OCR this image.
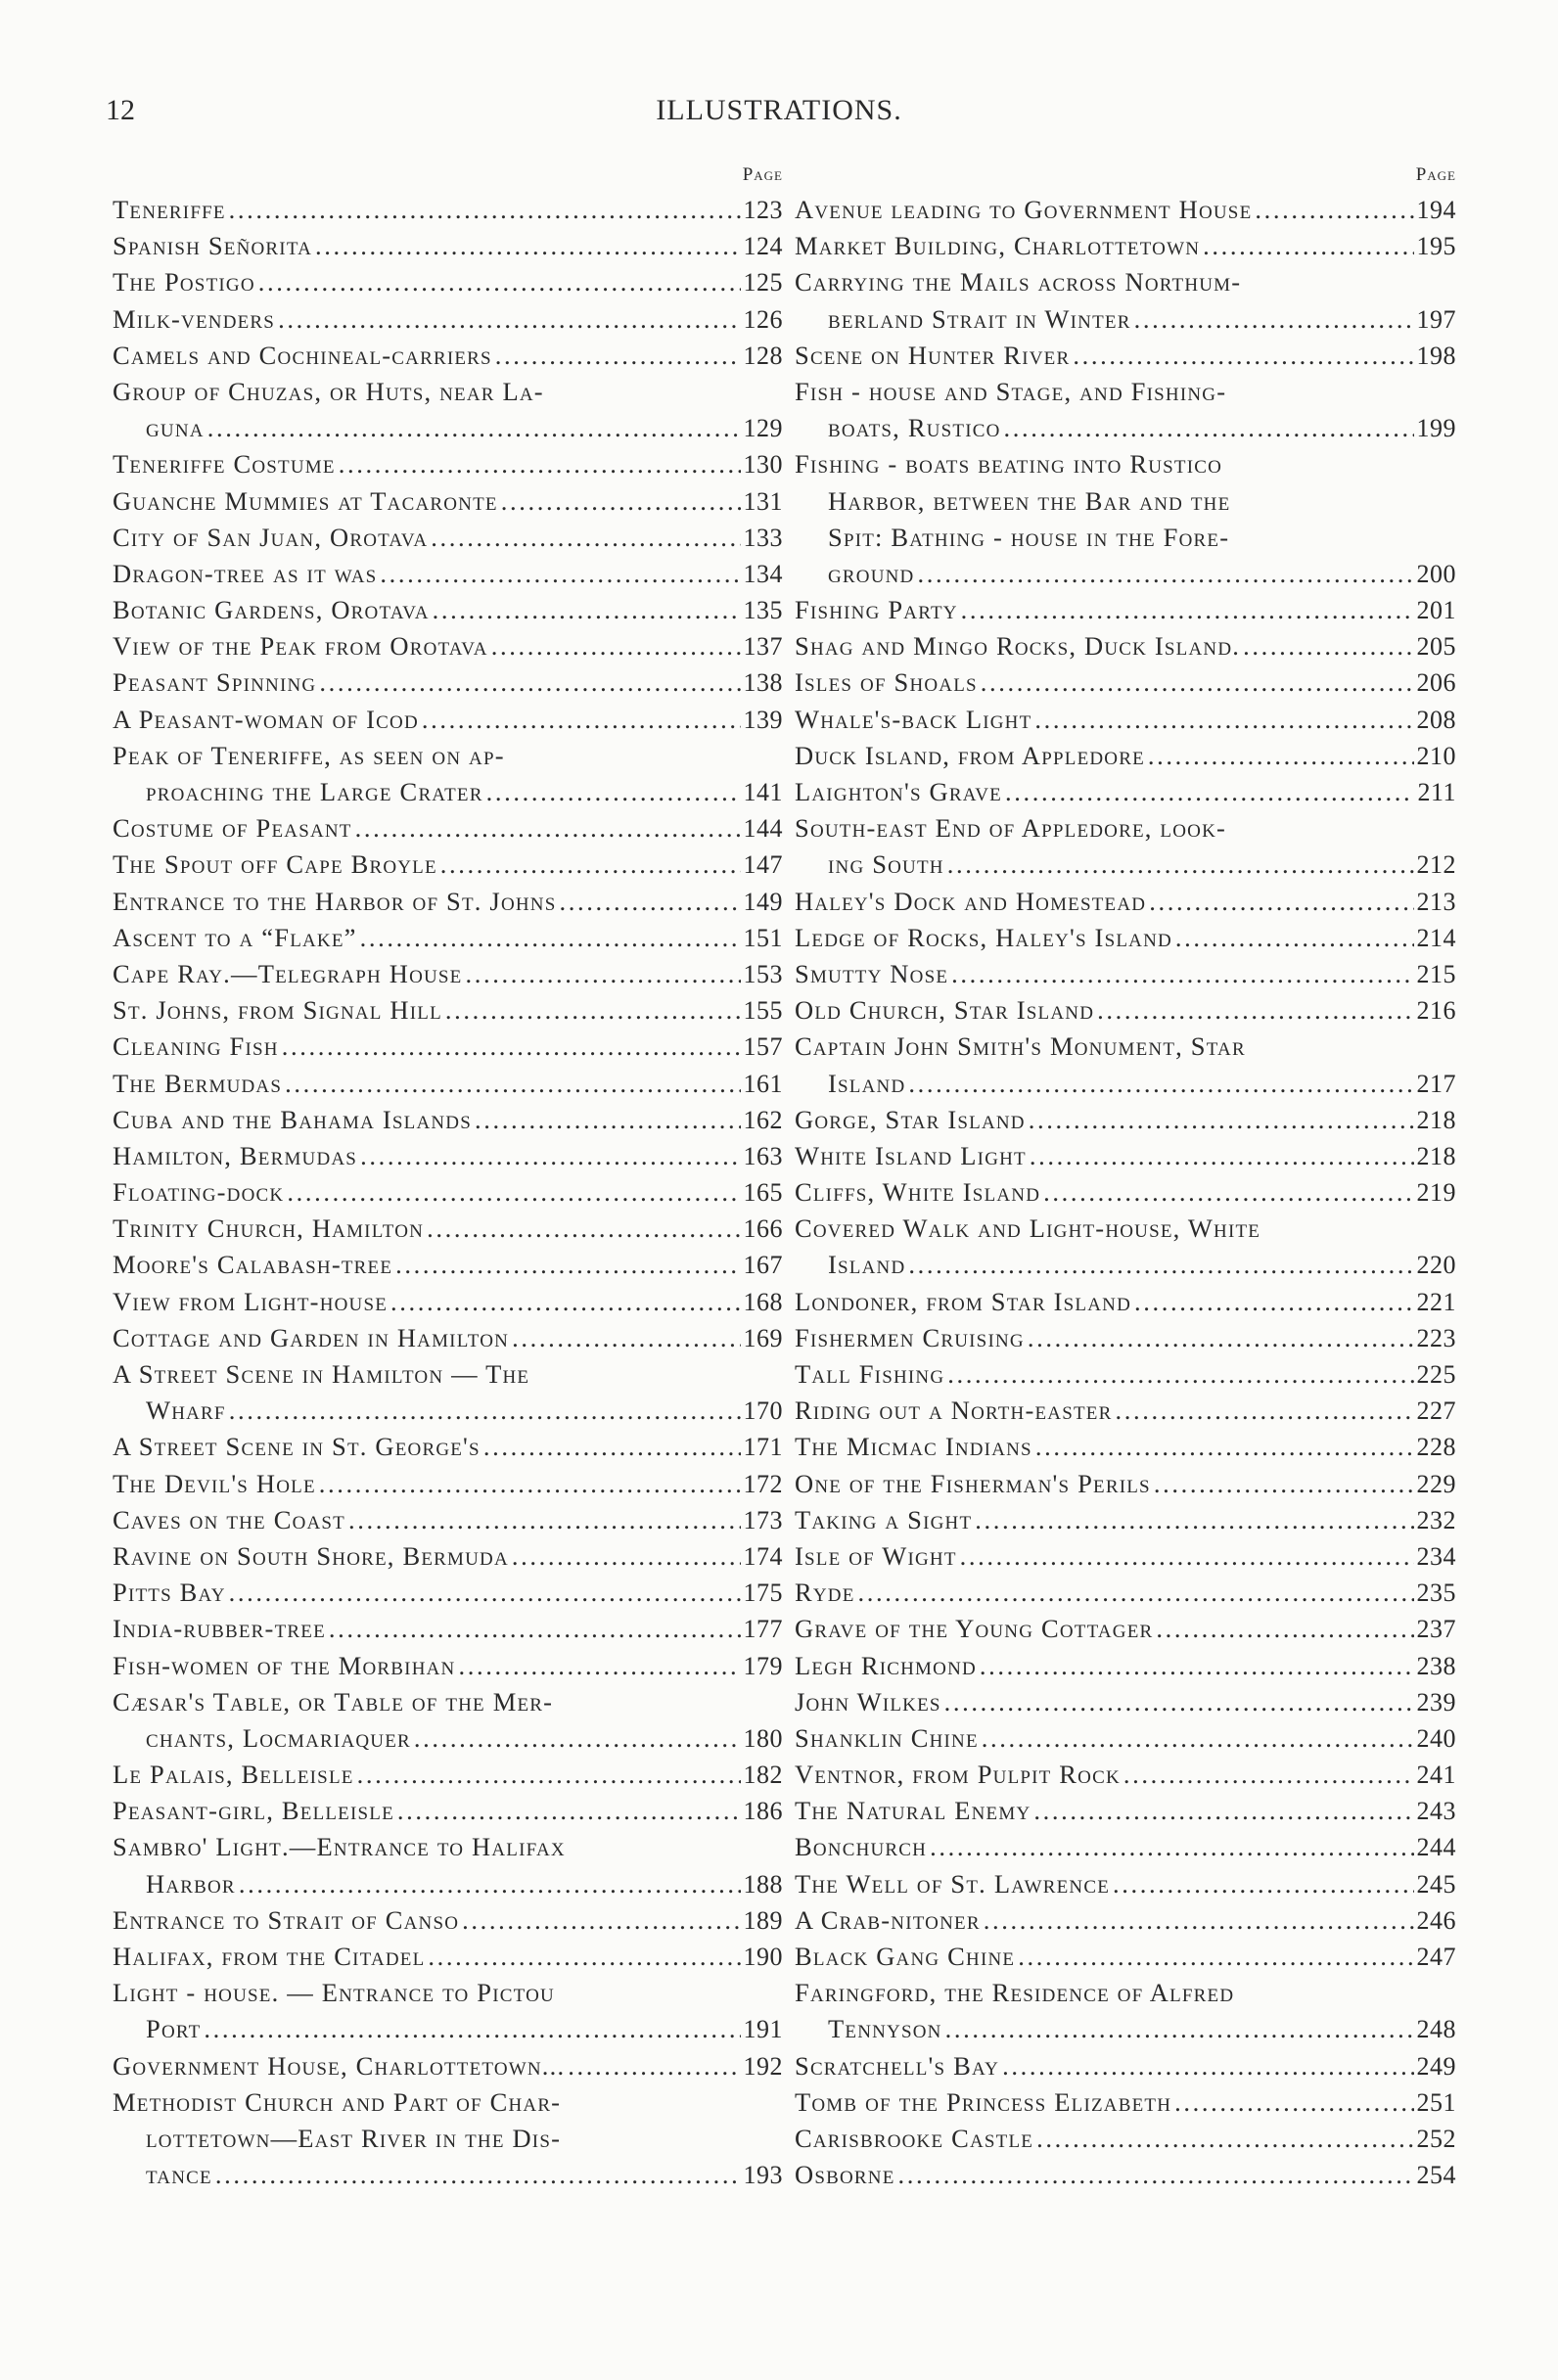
12	ILLUSTRATIONS.
Page
Teneriffe . . .	123
Spanish Señorita . . .	124
The Postigo . . .	125
Milk-venders . . .	126
Camels and Cochineal-carriers . . .	128
Group of Chuzas, or Huts, near La-
guna . . .	129
Teneriffe Costume . . .	130
Guanche Mummies at Tacaronte . . .	131
City of San Juan, Orotava . . .	133
Dragon-tree as it was . . .	134
Botanic Gardens, Orotava . . .	135
View of the Peak from Orotava . . .	137
Peasant Spinning . . .	138
A Peasant-woman of Icod . . .	139
Peak of Teneriffe, as seen on ap-
proaching the Large Crater . . .	141
Costume of Peasant . . .	144
The Spout off Cape Broyle . . .	147
Entrance to the Harbor of St. Johns . . .	149
Ascent to a “Flake” . . .	151
Cape Ray.—Telegraph House . . .	153
St. Johns, from Signal Hill . . .	155
Cleaning Fish . . .	157
The Bermudas . . .	161
Cuba and the Bahama Islands . . .	162
Hamilton, Bermudas . . .	163
Floating-dock . . .	165
Trinity Church, Hamilton . . .	166
Moore's Calabash-tree . . .	167
View from Light-house . . .	168
Cottage and Garden in Hamilton . . .	169
A Street Scene in Hamilton — The
Wharf . . .	170
A Street Scene in St. George's . . .	171
The Devil's Hole . . .	172
Caves on the Coast . . .	173
Ravine on South Shore, Bermuda . . .	174
Pitts Bay . . .	175
India-rubber-tree . . .	177
Fish-women of the Morbihan . . .	179
Cæsar's Table, or Table of the Mer-
chants, Locmariaquer . . .	180
Le Palais, Belleisle . . .	182
Peasant-girl, Belleisle . . .	186
Sambro' Light.—Entrance to Halifax
Harbor . . .	188
Entrance to Strait of Canso . . .	189
Halifax, from the Citadel . . .	190
Light - house. — Entrance to Pictou
Port . . .	191
Government House, Charlottetown... . . .	192
Methodist Church and Part of Char-
lottetown—East River in the Dis-
tance . . .	193
Page
Avenue leading to Government House . . .	194
Market Building, Charlottetown . . .	195
Carrying the Mails across Northum-
berland Strait in Winter . . .	197
Scene on Hunter River . . .	198
Fish - house and Stage, and Fishing-
boats, Rustico . . .	199
Fishing - boats beating into Rustico
Harbor, between the Bar and the
Spit: Bathing - house in the Fore-
ground . . .	200
Fishing Party . . .	201
Shag and Mingo Rocks, Duck Island. . . .	205
Isles of Shoals . . .	206
Whale's-back Light . . .	208
Duck Island, from Appledore . . .	210
Laighton's Grave . . .	211
South-east End of Appledore, look-
ing South . . .	212
Haley's Dock and Homestead . . .	213
Ledge of Rocks, Haley's Island . . .	214
Smutty Nose . . .	215
Old Church, Star Island . . .	216
Captain John Smith's Monument, Star
Island . . .	217
Gorge, Star Island . . .	218
White Island Light . . .	218
Cliffs, White Island . . .	219
Covered Walk and Light-house, White
Island . . .	220
Londoner, from Star Island . . .	221
Fishermen Cruising . . .	223
Tall Fishing . . .	225
Riding out a North-easter . . .	227
The Micmac Indians . . .	228
One of the Fisherman's Perils . . .	229
Taking a Sight . . .	232
Isle of Wight . . .	234
Ryde . . .	235
Grave of the Young Cottager . . .	237
Legh Richmond . . .	238
John Wilkes . . .	239
Shanklin Chine . . .	240
Ventnor, from Pulpit Rock . . .	241
The Natural Enemy . . .	243
Bonchurch . . .	244
The Well of St. Lawrence . . .	245
A Crab-nitoner . . .	246
Black Gang Chine . . .	247
Faringford, the Residence of Alfred
Tennyson . . .	248
Scratchell's Bay . . .	249
Tomb of the Princess Elizabeth . . .	251
Carisbrooke Castle . . .	252
Osborne . . .	254
